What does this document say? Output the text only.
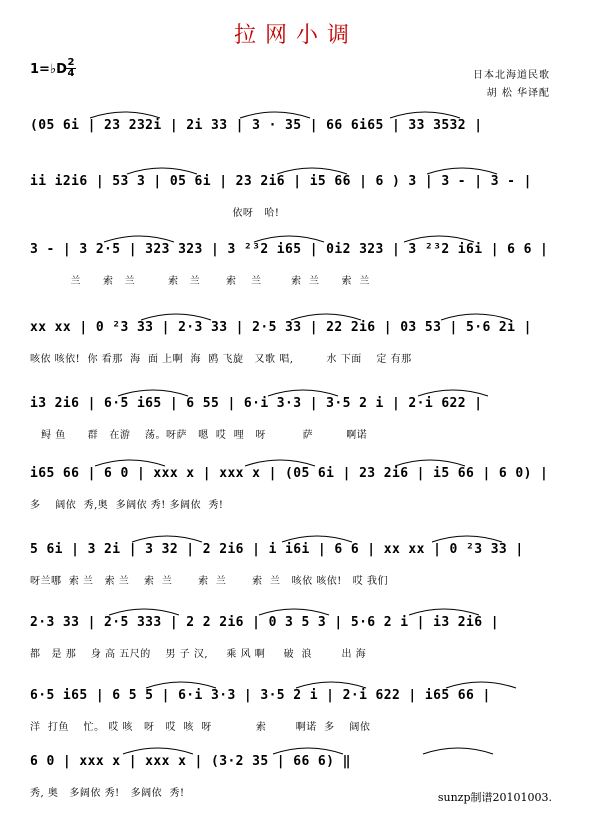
拉网小调
1=♭D 2
4	日本北海道民歌
胡 松 华译配
(05 6i | 23 232i | 2i 33 | 3 · 35 | 66 6i65 | 33 3532 |
ii i2i6 | 53 3 | 05 6i | 23 2i6 | i5 66 | 6 ) 3 | 3 - | 3 - |
依呀   哈!
3 - | 3 2·5 | 323 323 | 3 ²³2 i65 | 0i2 323 | 3 ²³2 i6i | 6 6 |
兰      索   兰         索   兰       索    兰        索  兰      索  兰
xx xx | 0 ²3 33 | 2·3 33 | 2·5 33 | 22 2i6 | 03 53 | 5·6 2i |
咳依 咳依!  你 看那  海  面 上啊  海  鸥 飞旋   又歌 唱,         水 下面    定 有那
i3 2i6 | 6·5 i65 | 6 55 | 6·i 3·3 | 3·5 2 i | 2·i 622 |
鲟 鱼      群   在游    荡。呀萨   嗯  哎  哩   呀          萨         啊诺
i65 66 | 6 0 | xxx x | xxx x | (05 6i | 23 2i6 | i5 66 | 6 0) |
多    阔依  秀,奥  多阔依 秀! 多阔依  秀!
5 6i | 3 2i | 3 32 | 2 2i6 | i i6i | 6 6 | xx xx | 0 ²3 33 |
呀兰哪  索 兰   索 兰    索  兰       索  兰       索  兰   咳依 咳依!   哎 我们
2·3 33 | 2·5 333 | 2 2 2i6 | 0 3 5 3 | 5·6 2 i | i3 2i6 |
都   是 那    身 高 五尺的    男 子 汉,     乘 风 啊     破  浪        出 海
6·5 i65 | 6 5 5 | 6·i 3·3 | 3·5 2 i | 2·i 622 | i65 66 |
洋  打鱼    忙。 哎 咳   呀   哎  咳  呀            索        啊诺  多    阔依
6 0 | xxx x | xxx x | (3·2 35 | 66 6) ‖
秀, 奥   多阔依 秀!   多阔依  秀!	sunzp制谱20101003.
